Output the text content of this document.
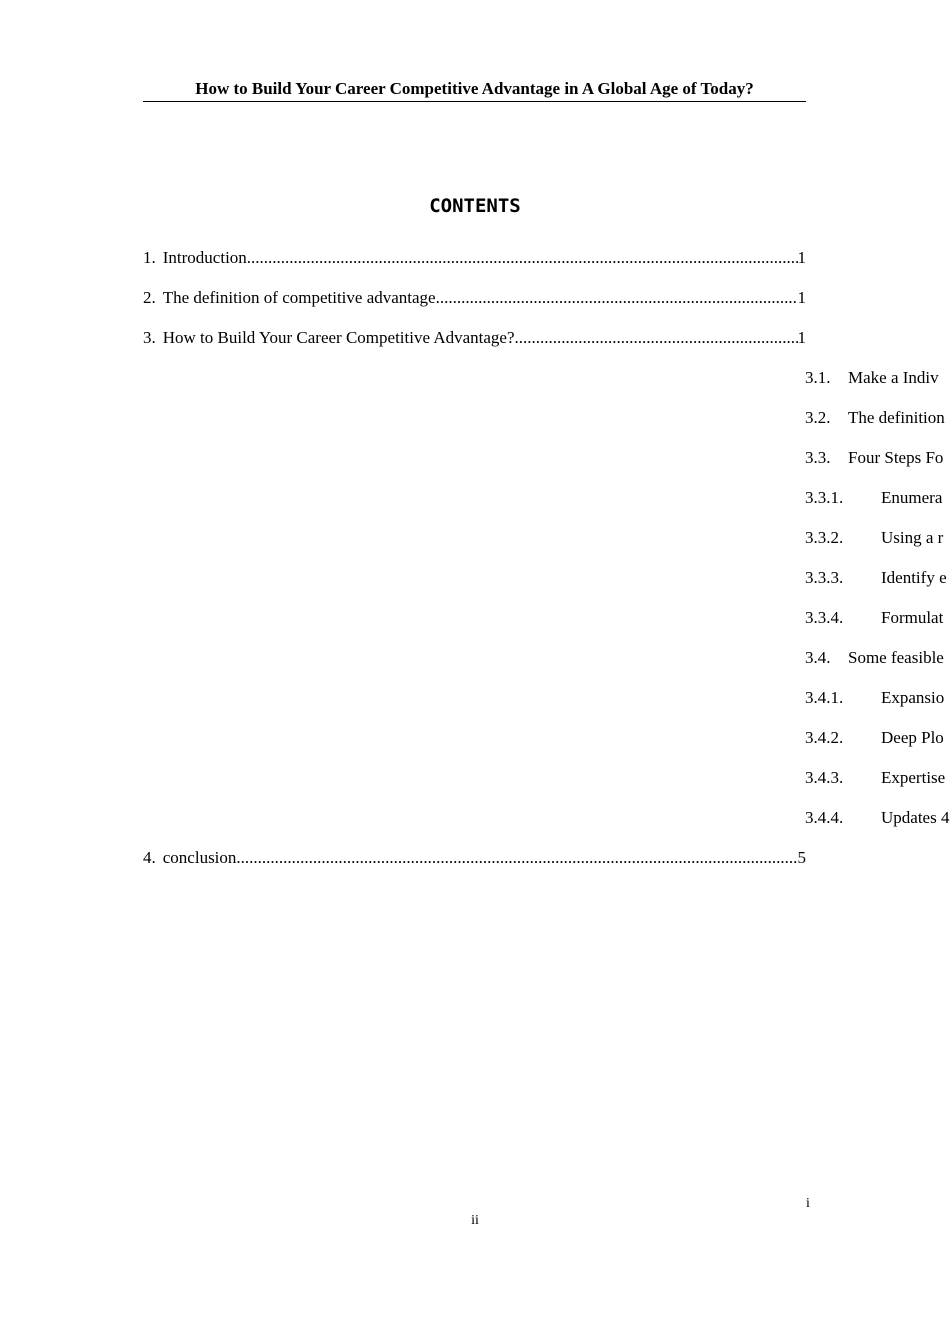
How to Build Your Career Competitive Advantage in A Global Age of Today?
CONTENTS
1. Introduction .....	1
2. The definition of competitive advantage .....	1
3. How to Build Your Career Competitive Advantage? .....	1
3.1. Make a Indiv
3.2. The definition
3.3. Four Steps Fo
3.3.1. Enumera
3.3.2. Using a r
3.3.3. Identify e
3.3.4. Formulat
3.4. Some feasible
3.4.1. Expansio
3.4.2. Deep Plo
3.4.3. Expertise
3.4.4. Updates 4
4. conclusion .....	5
i
ii
